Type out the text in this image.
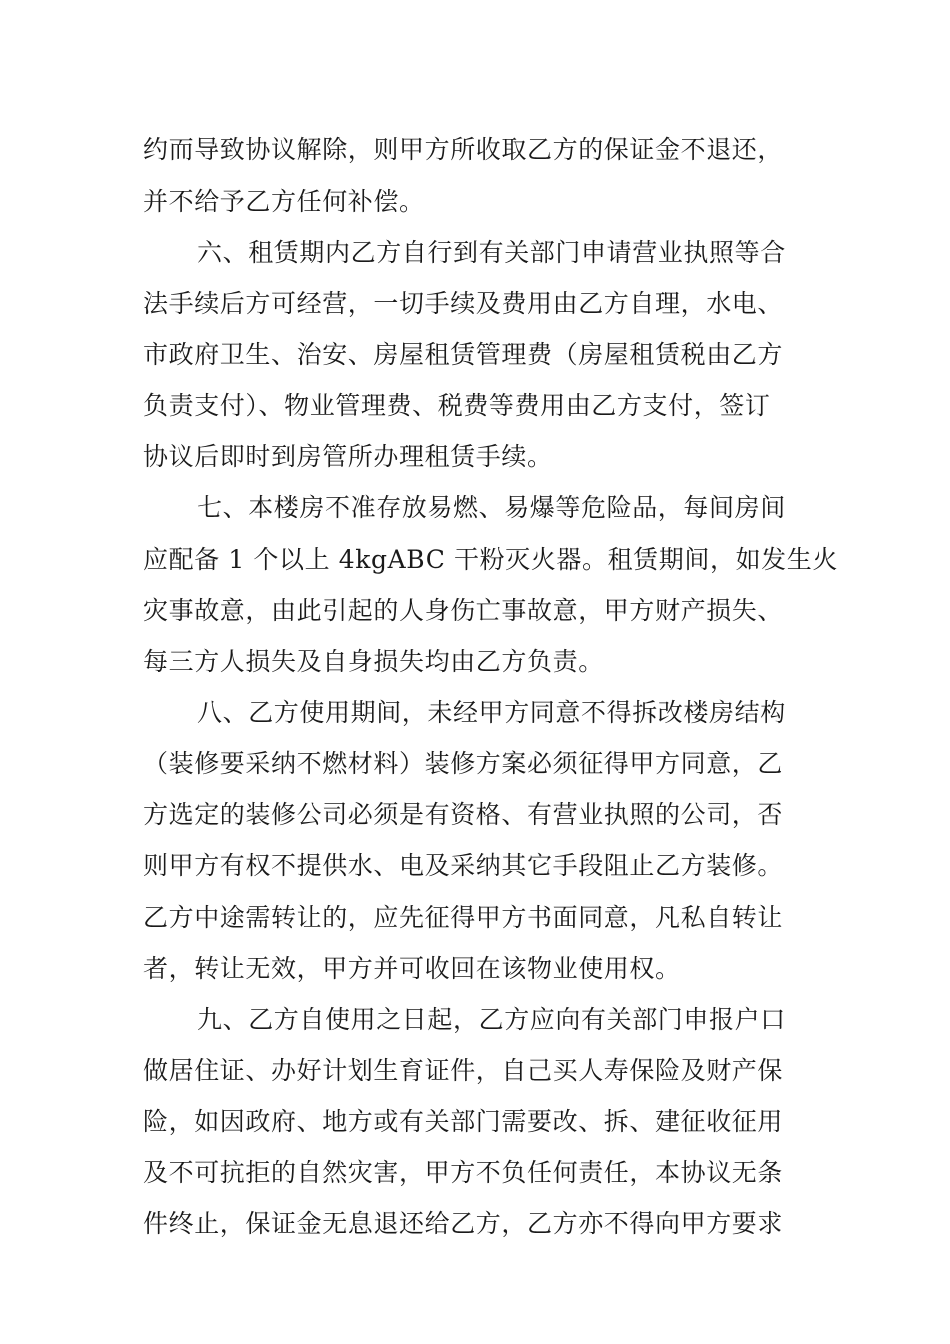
约而导致协议解除，则甲方所收取乙方的保证金不退还，
并不给予乙方任何补偿。
六、租赁期内乙方自行到有关部门申请营业执照等合
法手续后方可经营，一切手续及费用由乙方自理，水电、
市政府卫生、治安、房屋租赁管理费（房屋租赁税由乙方
负责支付）、物业管理费、税费等费用由乙方支付，签订
协议后即时到房管所办理租赁手续。
七、本楼房不准存放易燃、易爆等危险品，每间房间
应配备 1 个以上 4kgABC 干粉灭火器。租赁期间，如发生火
灾事故意，由此引起的人身伤亡事故意，甲方财产损失、
每三方人损失及自身损失均由乙方负责。
八、乙方使用期间，未经甲方同意不得拆改楼房结构
（装修要采纳不燃材料）装修方案必须征得甲方同意，乙
方选定的装修公司必须是有资格、有营业执照的公司，否
则甲方有权不提供水、电及采纳其它手段阻止乙方装修。
乙方中途需转让的，应先征得甲方书面同意，凡私自转让
者，转让无效，甲方并可收回在该物业使用权。
九、乙方自使用之日起，乙方应向有关部门申报户口
做居住证、办好计划生育证件，自己买人寿保险及财产保
险，如因政府、地方或有关部门需要改、拆、建征收征用
及不可抗拒的自然灾害，甲方不负任何责任，本协议无条
件终止，保证金无息退还给乙方，乙方亦不得向甲方要求
